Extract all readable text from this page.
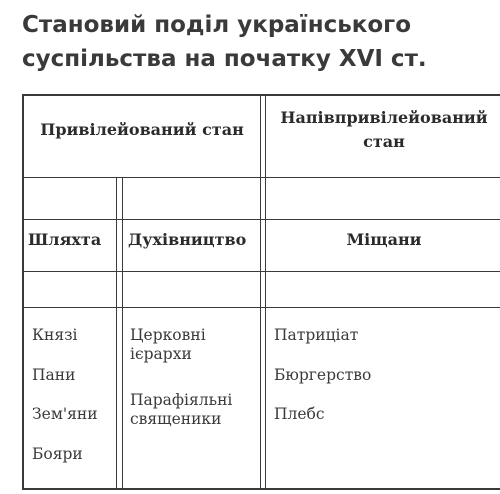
Становий поділ українського
суспільства на початку XVI ст.
Привілейований стан
Напівпривілейований
стан
Шляхта Духівництво	Міщани
Князі
Пани
Зем'яни
Бояри
Церковні
ієрархи
Парафіяльні
священики
Патриціат
Бюргерство
Плебс
